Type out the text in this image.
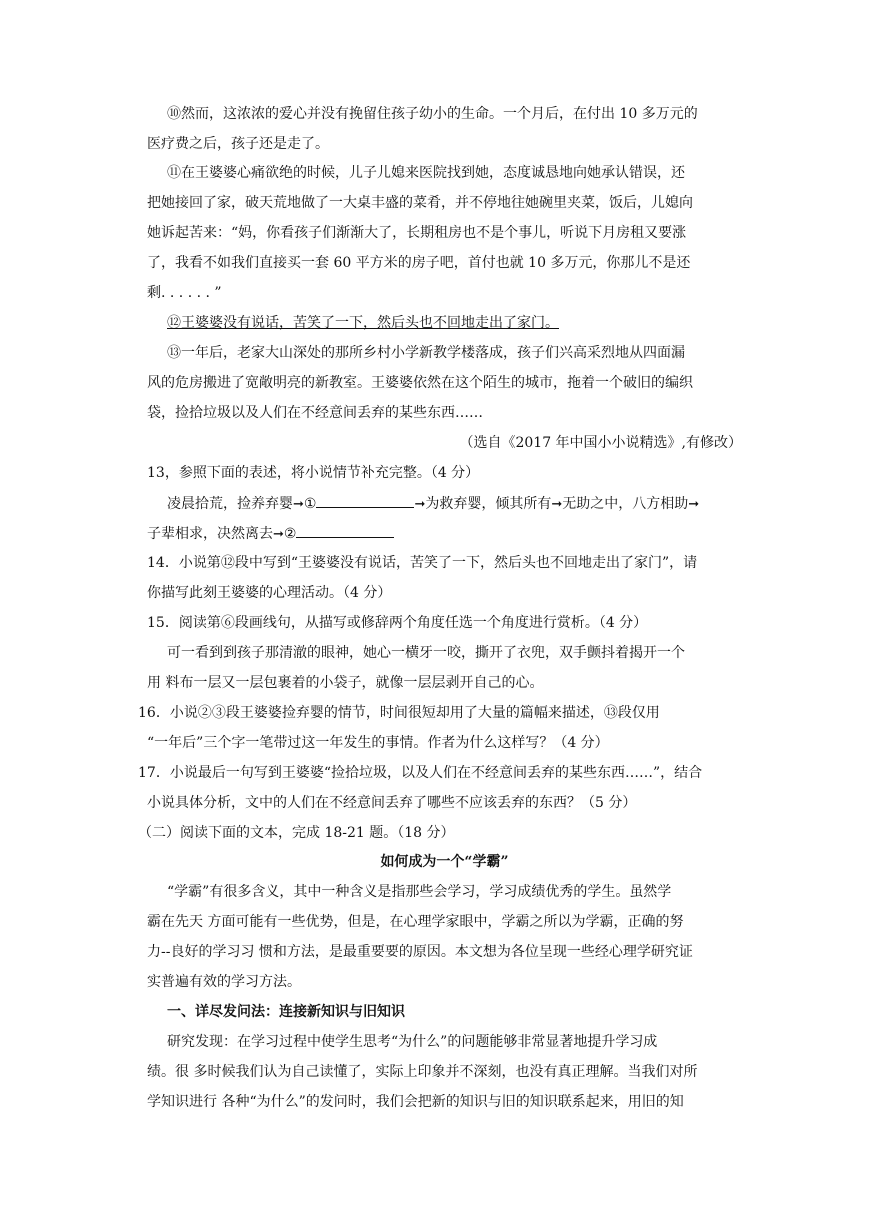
⑩然而，这浓浓的爱心并没有挽留住孩子幼小的生命。一个月后，在付出 10 多万元的
医疗费之后，孩子还是走了。
⑪在王婆婆心痛欲绝的时候，儿子儿媳来医院找到她，态度诚恳地向她承认错误，还
把她接回了家，破天荒地做了一大桌丰盛的菜肴，并不停地往她碗里夹菜，饭后，儿媳向
她诉起苦来：“妈，你看孩子们渐渐大了，长期租房也不是个事儿，听说下月房租又要涨
了，我看不如我们直接买一套 60 平方米的房子吧，首付也就 10 多万元，你那儿不是还
剩. . . . . . ”
⑫王婆婆没有说话，苦笑了一下，然后头也不回地走出了家门。
⑬一年后，老家大山深处的那所乡村小学新教学楼落成，孩子们兴高采烈地从四面漏
风的危房搬进了宽敞明亮的新教室。王婆婆依然在这个陌生的城市，拖着一个破旧的编织
袋，捡拾垃圾以及人们在不经意间丢弃的某些东西……
（选自《2017 年中国小小说精选》,有修改）
13，参照下面的表述，将小说情节补充完整。（4 分）
凌晨拾荒，捡养弃婴➞①	➞为救弃婴，倾其所有➞无助之中，八方相助➞
子辈相求，决然离去➞②
14．小说第⑫段中写到“王婆婆没有说话，苦笑了一下，然后头也不回地走出了家门”，请
你描写此刻王婆婆的心理活动。（4 分）
15．阅读第⑥段画线句，从描写或修辞两个角度任选一个角度进行赏析。（4 分）
可一看到到孩子那清澈的眼神，她心一横牙一咬，撕开了衣兜，双手颤抖着揭开一个
用 料布一层又一层包裹着的小袋子，就像一层层剥开自己的心。
16．小说②③段王婆婆捡弃婴的情节，时间很短却用了大量的篇幅来描述，⑬段仅用
“一年后”三个字一笔带过这一年发生的事情。作者为什么这样写？（4 分）
17．小说最后一句写到王婆婆“捡拾垃圾，以及人们在不经意间丢弃的某些东西……”，结合
小说具体分析，文中的人们在不经意间丢弃了哪些不应该丢弃的东西？（5 分）
（二）阅读下面的文本，完成 18-21 题。（18 分）
如何成为一个“学霸”
“学霸”有很多含义，其中一种含义是指那些会学习，学习成绩优秀的学生。虽然学
霸在先天 方面可能有一些优势，但是，在心理学家眼中，学霸之所以为学霸，正确的努
力--良好的学习习 惯和方法，是最重要要的原因。本文想为各位呈现一些经心理学研究证
实普遍有效的学习方法。
一、详尽发问法：连接新知识与旧知识
研究发现：在学习过程中使学生思考“为什么”的问题能够非常显著地提升学习成
绩。很 多时候我们认为自己读懂了，实际上印象并不深刻，也没有真正理解。当我们对所
学知识进行 各种“为什么”的发问时，我们会把新的知识与旧的知识联系起来，用旧的知
